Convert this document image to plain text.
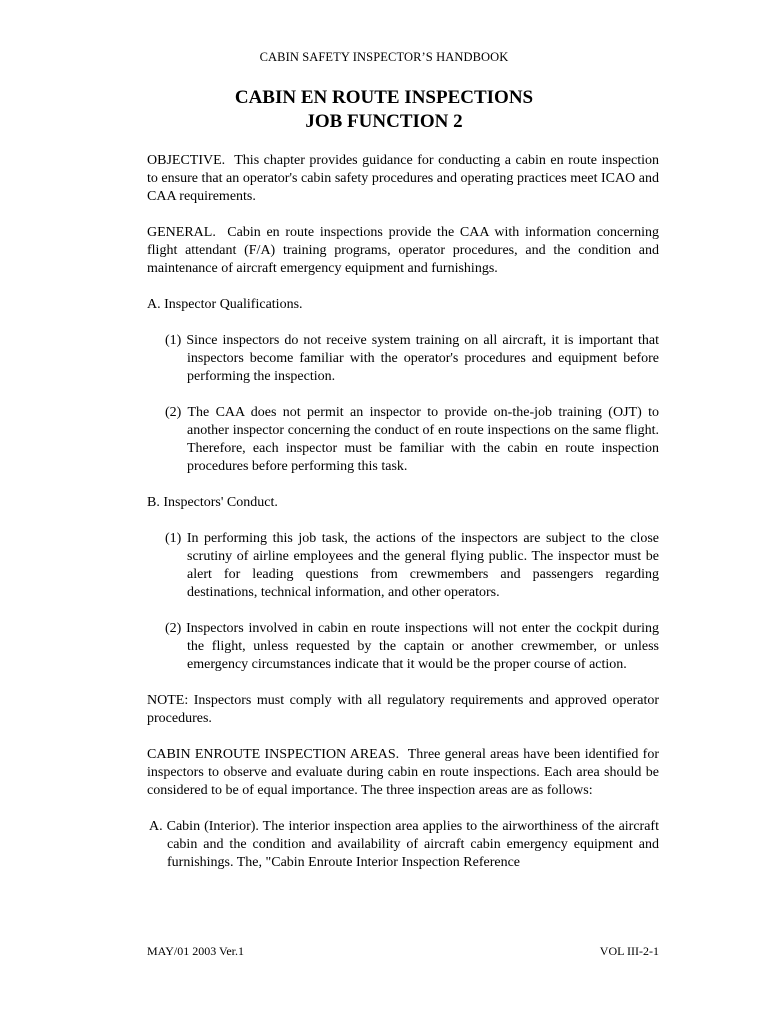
CABIN SAFETY INSPECTOR’S HANDBOOK
CABIN EN ROUTE INSPECTIONS
JOB FUNCTION 2

OBJECTIVE. This chapter provides guidance for conducting a cabin en route inspection to ensure that an operator's cabin safety procedures and operating practices meet ICAO and CAA requirements.

GENERAL. Cabin en route inspections provide the CAA with information concerning flight attendant (F/A) training programs, operator procedures, and the condition and maintenance of aircraft emergency equipment and furnishings.

A. Inspector Qualifications.

(1) Since inspectors do not receive system training on all aircraft, it is important that inspectors become familiar with the operator's procedures and equipment before performing the inspection.

(2) The CAA does not permit an inspector to provide on-the-job training (OJT) to another inspector concerning the conduct of en route inspections on the same flight. Therefore, each inspector must be familiar with the cabin en route inspection procedures before performing this task.

B. Inspectors' Conduct.

(1) In performing this job task, the actions of the inspectors are subject to the close scrutiny of airline employees and the general flying public. The inspector must be alert for leading questions from crewmembers and passengers regarding destinations, technical information, and other operators.

(2) Inspectors involved in cabin en route inspections will not enter the cockpit during the flight, unless requested by the captain or another crewmember, or unless emergency circumstances indicate that it would be the proper course of action.

NOTE: Inspectors must comply with all regulatory requirements and approved operator procedures.

CABIN ENROUTE INSPECTION AREAS. Three general areas have been identified for inspectors to observe and evaluate during cabin en route inspections. Each area should be considered to be of equal importance. The three inspection areas are as follows:

A. Cabin (Interior). The interior inspection area applies to the airworthiness of the aircraft cabin and the condition and availability of aircraft cabin emergency equipment and furnishings. The, "Cabin Enroute Interior Inspection Reference

MAY/01 2003 Ver.1	VOL III-2-1
